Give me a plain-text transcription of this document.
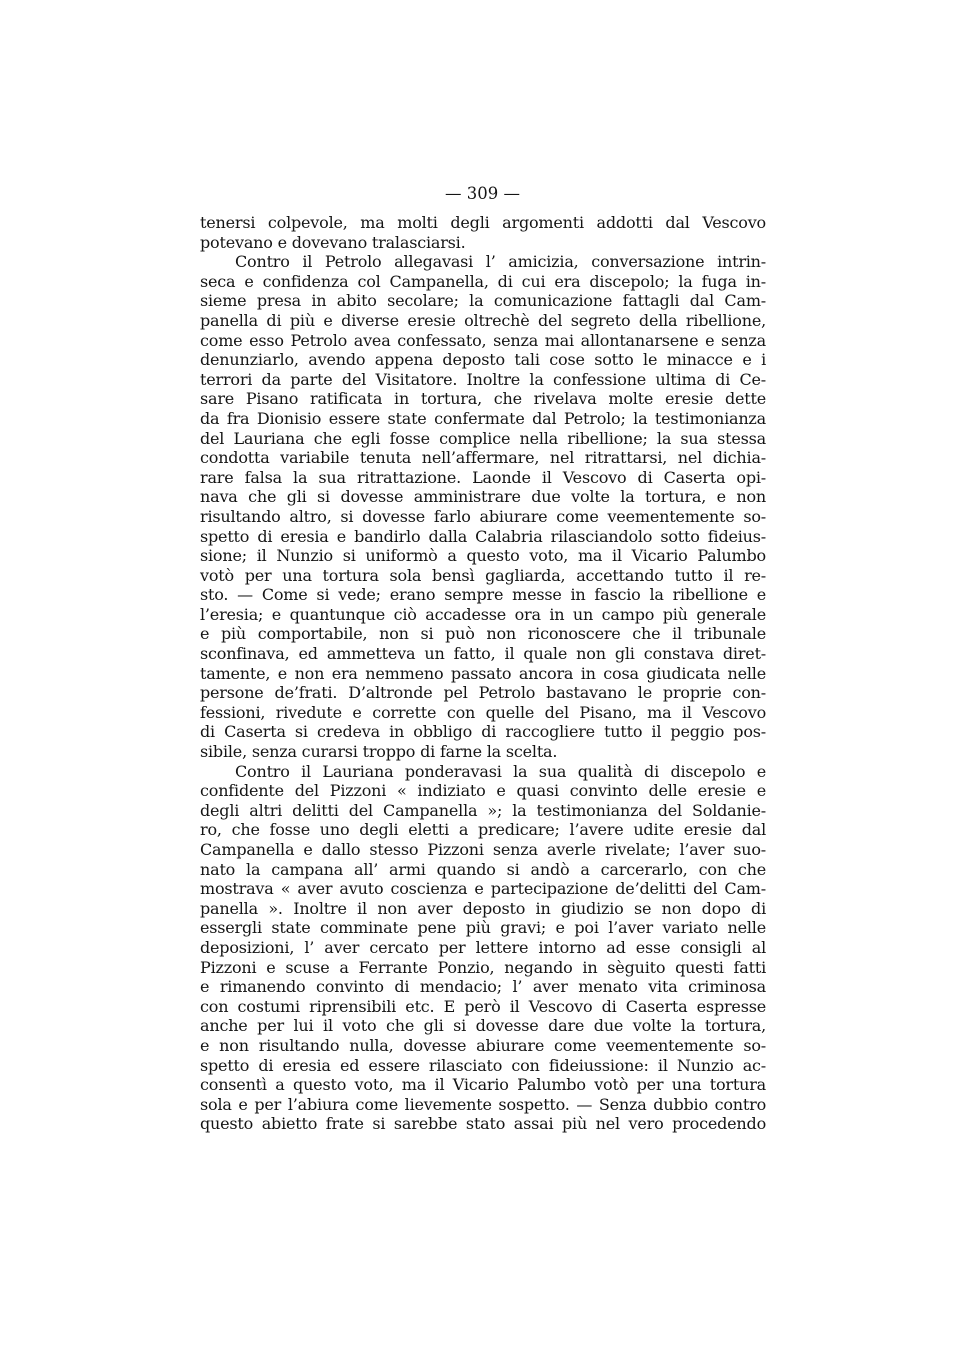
— 309 —
tenersi colpevole, ma molti degli argomenti addotti dal Vescovo
potevano e dovevano tralasciarsi.
Contro il Petrolo allegavasi l’ amicizia, conversazione intrin-
seca e confidenza col Campanella, di cui era discepolo; la fuga in-
sieme presa in abito secolare; la comunicazione fattagli dal Cam-
panella di più e diverse eresie oltrechè del segreto della ribellione,
come esso Petrolo avea confessato, senza mai allontanarsene e senza
denunziarlo, avendo appena deposto tali cose sotto le minacce e i
terrori da parte del Visitatore. Inoltre la confessione ultima di Ce-
sare Pisano ratificata in tortura, che rivelava molte eresie dette
da fra Dionisio essere state confermate dal Petrolo; la testimonianza
del Lauriana che egli fosse complice nella ribellione; la sua stessa
condotta variabile tenuta nell’affermare, nel ritrattarsi, nel dichia-
rare falsa la sua ritrattazione. Laonde il Vescovo di Caserta opi-
nava che gli si dovesse amministrare due volte la tortura, e non
risultando altro, si dovesse farlo abiurare come veementemente so-
spetto di eresia e bandirlo dalla Calabria rilasciandolo sotto fideius-
sione; il Nunzio si uniformò a questo voto, ma il Vicario Palumbo
votò per una tortura sola bensì gagliarda, accettando tutto il re-
sto. — Come si vede; erano sempre messe in fascio la ribellione e
l’eresia; e quantunque ciò accadesse ora in un campo più generale
e più comportabile, non si può non riconoscere che il tribunale
sconfinava, ed ammetteva un fatto, il quale non gli constava diret-
tamente, e non era nemmeno passato ancora in cosa giudicata nelle
persone de’frati. D’altronde pel Petrolo bastavano le proprie con-
fessioni, rivedute e corrette con quelle del Pisano, ma il Vescovo
di Caserta si credeva in obbligo di raccogliere tutto il peggio pos-
sibile, senza curarsi troppo di farne la scelta.
Contro il Lauriana ponderavasi la sua qualità di discepolo e
confidente del Pizzoni « indiziato e quasi convinto delle eresie e
degli altri delitti del Campanella »; la testimonianza del Soldanie-
ro, che fosse uno degli eletti a predicare; l’avere udite eresie dal
Campanella e dallo stesso Pizzoni senza averle rivelate; l’aver suo-
nato la campana all’ armi quando si andò a carcerarlo, con che
mostrava « aver avuto coscienza e partecipazione de’delitti del Cam-
panella ». Inoltre il non aver deposto in giudizio se non dopo di
essergli state comminate pene più gravi; e poi l’aver variato nelle
deposizioni, l’ aver cercato per lettere intorno ad esse consigli al
Pizzoni e scuse a Ferrante Ponzio, negando in sèguito questi fatti
e rimanendo convinto di mendacio; l’ aver menato vita criminosa
con costumi riprensibili etc. E però il Vescovo di Caserta espresse
anche per lui il voto che gli si dovesse dare due volte la tortura,
e non risultando nulla, dovesse abiurare come veementemente so-
spetto di eresia ed essere rilasciato con fideiussione: il Nunzio ac-
consentì a questo voto, ma il Vicario Palumbo votò per una tortura
sola e per l’abiura come lievemente sospetto. — Senza dubbio contro
questo abietto frate si sarebbe stato assai più nel vero procedendo
